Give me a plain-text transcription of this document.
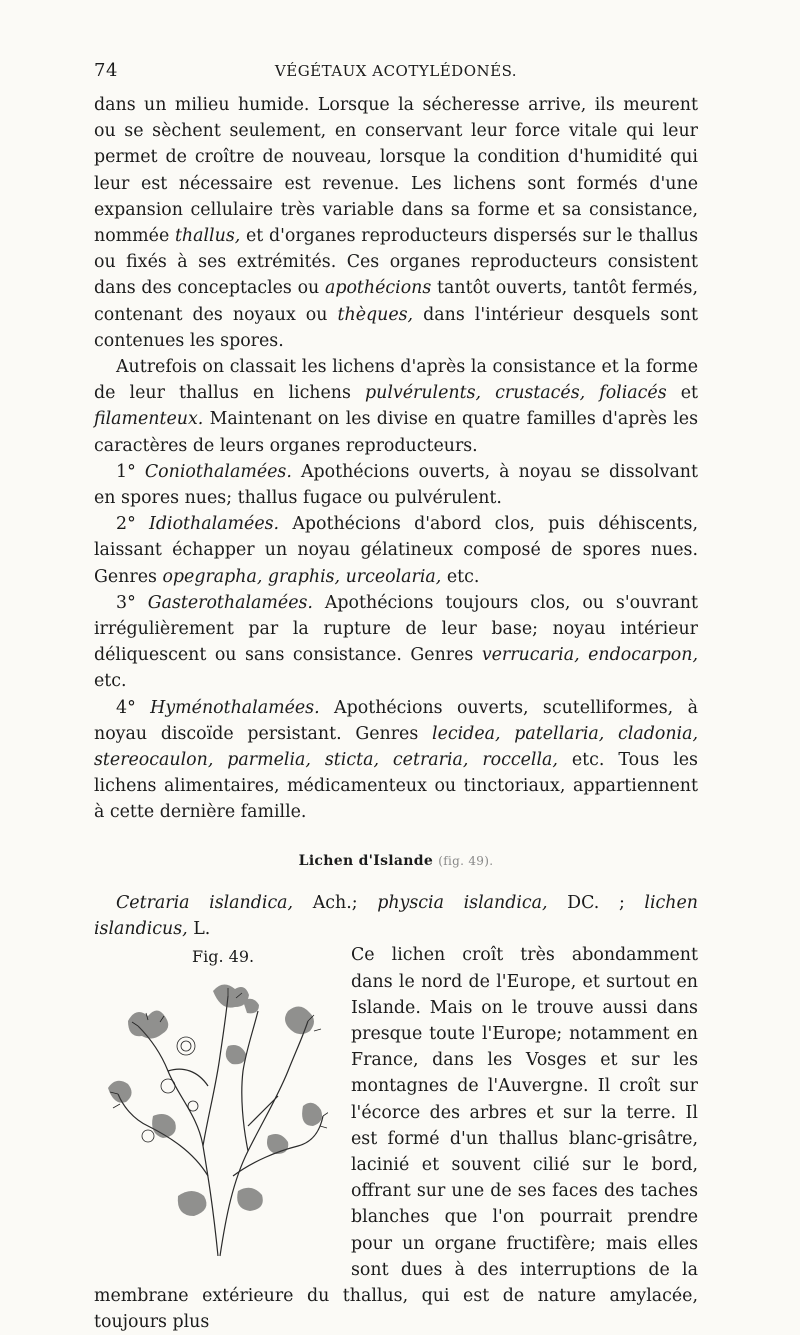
74	VÉGÉTAUX ACOTYLÉDONÉS.

dans un milieu humide. Lorsque la sécheresse arrive, ils meurent ou se sèchent seulement, en conservant leur force vitale qui leur permet de croître de nouveau, lorsque la condition d'humidité qui leur est nécessaire est revenue. Les lichens sont formés d'une expansion cellulaire très variable dans sa forme et sa consistance, nommée thallus, et d'organes reproducteurs dispersés sur le thallus ou fixés à ses extrémités. Ces organes reproducteurs consistent dans des conceptacles ou apothécions tantôt ouverts, tantôt fermés, contenant des noyaux ou thèques, dans l'intérieur desquels sont contenues les spores.

Autrefois on classait les lichens d'après la consistance et la forme de leur thallus en lichens pulvérulents, crustacés, foliacés et filamenteux. Maintenant on les divise en quatre familles d'après les caractères de leurs organes reproducteurs.

1° Coniothalamées. Apothécions ouverts, à noyau se dissolvant en spores nues; thallus fugace ou pulvérulent.

2° Idiothalamées. Apothécions d'abord clos, puis déhiscents, laissant échapper un noyau gélatineux composé de spores nues. Genres opegrapha, graphis, urceolaria, etc.

3° Gasterothalamées. Apothécions toujours clos, ou s'ouvrant irrégulièrement par la rupture de leur base; noyau intérieur déliquescent ou sans consistance. Genres verrucaria, endocarpon, etc.

4° Hyménothalamées. Apothécions ouverts, scutelliformes, à noyau discoïde persistant. Genres lecidea, patellaria, cladonia, stereocaulon, parmelia, sticta, cetraria, roccella, etc. Tous les lichens alimentaires, médicamenteux ou tinctoriaux, appartiennent à cette dernière famille.

Lichen d'Islande (fig. 49).

Cetraria islandica, Ach.; physcia islandica, DC. ; lichen islandicus, L.

Fig. 49.	Ce lichen croît très abondamment dans le nord de l'Europe, et surtout en Islande. Mais on le trouve aussi dans presque toute l'Europe; notamment en France, dans les Vosges et sur les montagnes de l'Auvergne. Il croît sur l'écorce des arbres et sur la terre. Il est formé d'un thallus blanc-grisâtre, lacinié et souvent cilié sur le bord, offrant sur une de ses faces des taches blanches que l'on pourrait prendre pour un organe fructifère; mais elles sont dues à des interruptions de la membrane extérieure du thallus, qui est de nature amylacée, toujours plus
